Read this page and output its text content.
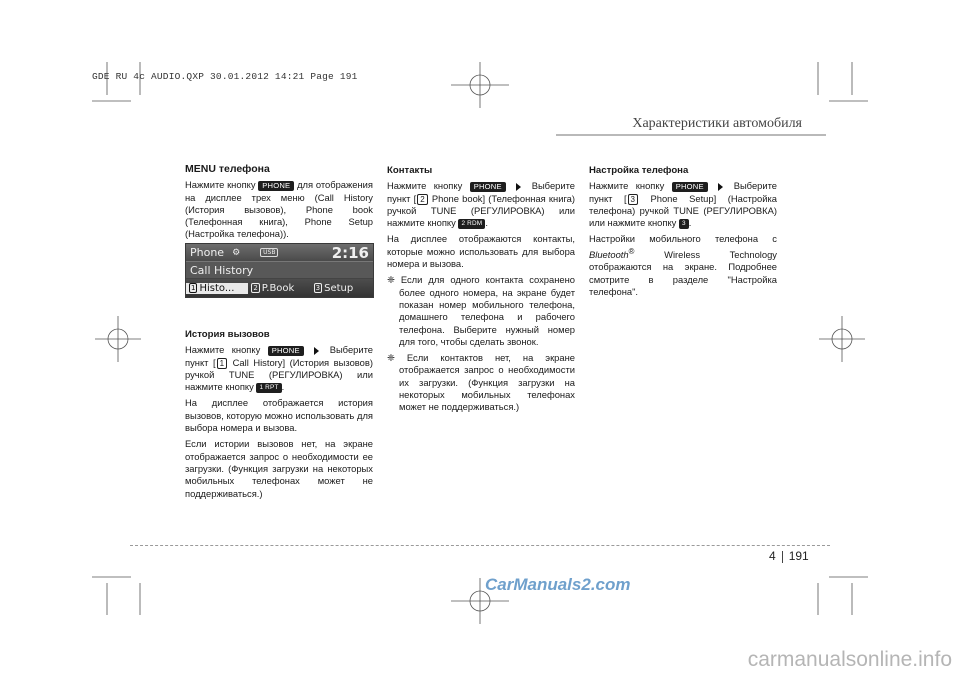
GDE RU 4c AUDIO.QXP 30.01.2012 14:21 Page 191
Характеристики автомобиля
MENU телефона

Нажмите кнопку PHONE для отображения на дисплее трех меню (Call History (История вызовов), Phone book (Телефонная книга), Phone Setup (Настройка телефона)).

Phone ⚙	USB	2:16
Call History
1 Histo...	2 P.Book	3 Setup
История вызовов

Нажмите кнопку PHONE	Выберите пункт [ 1 Call History] (История вызовов) ручкой TUNE (РЕГУЛИРОВКА) или нажмите кнопку 1 RPT .

На дисплее отображается история вызовов, которую можно использовать для выбора номера и вызова.

Если истории вызовов нет, на экране отображается запрос о необходимости ее загрузки. (Функция загрузки на некоторых мобильных телефонах может не поддерживаться.)

Контакты

Нажмите кнопку PHONE	Выберите пункт [ 2 Phone book] (Телефонная книга) ручкой TUNE (РЕГУЛИРОВКА) или нажмите кнопку 2 RDM .

На дисплее отображаются контакты, которые можно использовать для выбора номера и вызова.

❈ Если для одного контакта сохранено более одного номера, на экране будет показан номер мобильного телефона, домашнего телефона и рабочего телефона. Выберите нужный номер для того, чтобы сделать звонок.

❈ Если контактов нет, на экране отображается запрос о необходимости их загрузки. (Функция загрузки на некоторых мобильных телефонах может не поддерживаться.)

Настройка телефона

Нажмите кнопку PHONE	Выберите пункт [ 3 Phone Setup] (Настройка телефона) ручкой TUNE (РЕГУЛИРОВКА) или нажмите кнопку 3 .

Настройки мобильного телефона с Bluetooth®	Wireless Technology отображаются на экране. Подробнее смотрите в разделе "Настройка телефона".

4 191
CarManuals2.com
carmanualsonline.info
